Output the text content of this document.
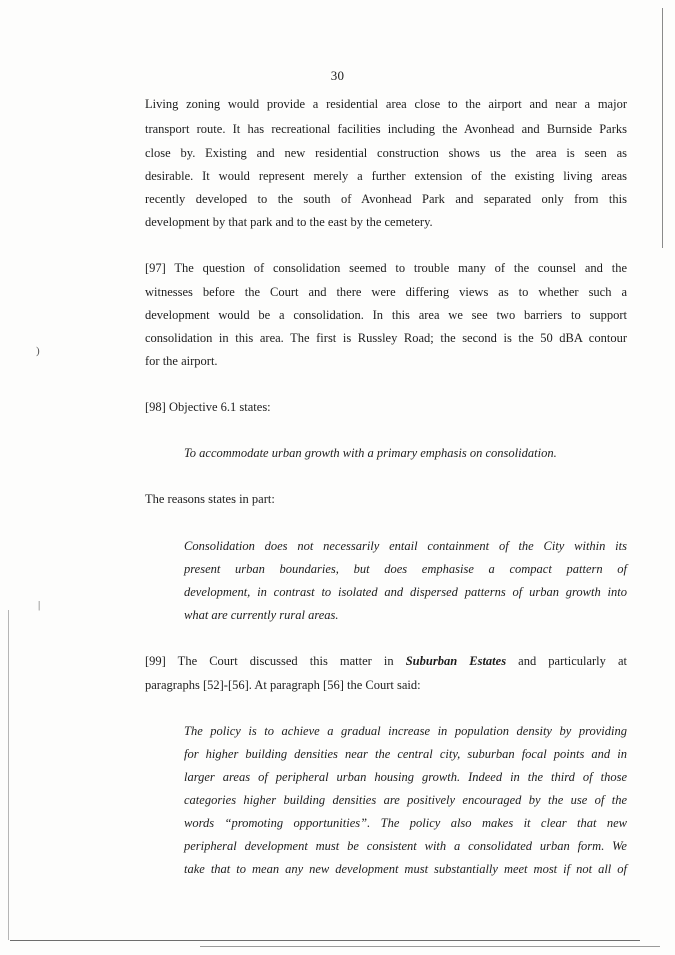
30
Living zoning would provide a residential area close to the airport and near a major
transport route. It has recreational facilities including the Avonhead and Burnside Parks
close by. Existing and new residential construction shows us the area is seen as
desirable. It would represent merely a further extension of the existing living areas
recently developed to the south of Avonhead Park and separated only from this
development by that park and to the east by the cemetery.
[97] The question of consolidation seemed to trouble many of the counsel and the
witnesses before the Court and there were differing views as to whether such a
development would be a consolidation. In this area we see two barriers to support
consolidation in this area. The first is Russley Road; the second is the 50 dBA contour
for the airport.
[98] Objective 6.1 states:
To accommodate urban growth with a primary emphasis on consolidation.
The reasons states in part:
Consolidation does not necessarily entail containment of the City within its
present urban boundaries, but does emphasise a compact pattern of
development, in contrast to isolated and dispersed patterns of urban growth into
what are currently rural areas.
[99] The Court discussed this matter in Suburban Estates and particularly at
paragraphs [52]-[56]. At paragraph [56] the Court said:
The policy is to achieve a gradual increase in population density by providing
for higher building densities near the central city, suburban focal points and in
larger areas of peripheral urban housing growth. Indeed in the third of those
categories higher building densities are positively encouraged by the use of the
words “promoting opportunities”. The policy also makes it clear that new
peripheral development must be consistent with a consolidated urban form. We
take that to mean any new development must substantially meet most if not all of
)
|
